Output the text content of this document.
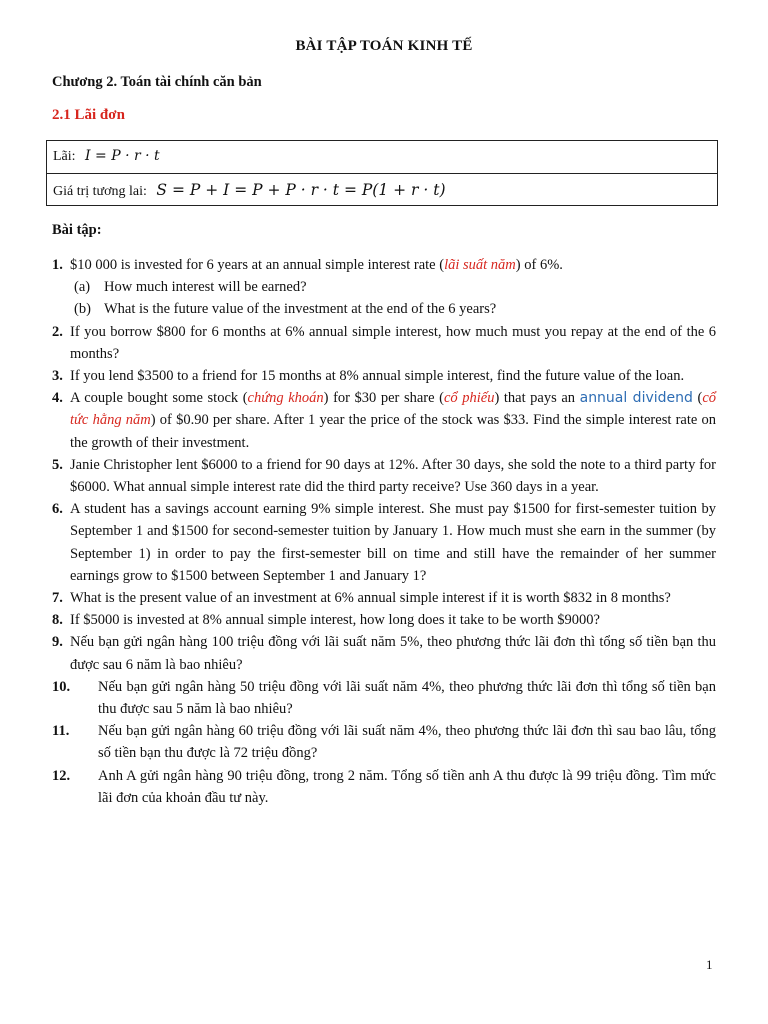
BÀI TẬP TOÁN KINH TẾ
Chương 2. Toán tài chính căn bản
2.1 Lãi đơn
Lãi: I = P · r · t
Giá trị tương lai: S = P + I = P + P · r · t = P(1 + r · t)
Bài tập:
1. $10 000 is invested for 6 years at an annual simple interest rate (lãi suất năm) of 6%.
(a) How much interest will be earned?
(b) What is the future value of the investment at the end of the 6 years?
2. If you borrow $800 for 6 months at 6% annual simple interest, how much must you repay at the end of the 6 months?
3. If you lend $3500 to a friend for 15 months at 8% annual simple interest, find the future value of the loan.
4. A couple bought some stock (chứng khoán) for $30 per share (cổ phiếu) that pays an annual dividend (cổ tức hằng năm) of $0.90 per share. After 1 year the price of the stock was $33. Find the simple interest rate on the growth of their investment.
5. Janie Christopher lent $6000 to a friend for 90 days at 12%. After 30 days, she sold the note to a third party for $6000. What annual simple interest rate did the third party receive? Use 360 days in a year.
6. A student has a savings account earning 9% simple interest. She must pay $1500 for first-semester tuition by September 1 and $1500 for second-semester tuition by January 1. How much must she earn in the summer (by September 1) in order to pay the first-semester bill on time and still have the remainder of her summer earnings grow to $1500 between September 1 and January 1?
7. What is the present value of an investment at 6% annual simple interest if it is worth $832 in 8 months?
8. If $5000 is invested at 8% annual simple interest, how long does it take to be worth $9000?
9. Nếu bạn gửi ngân hàng 100 triệu đồng với lãi suất năm 5%, theo phương thức lãi đơn thì tổng số tiền bạn thu được sau 6 năm là bao nhiêu?
10. Nếu bạn gửi ngân hàng 50 triệu đồng với lãi suất năm 4%, theo phương thức lãi đơn thì tổng số tiền bạn thu được sau 5 năm là bao nhiêu?
11. Nếu bạn gửi ngân hàng 60 triệu đồng với lãi suất năm 4%, theo phương thức lãi đơn thì sau bao lâu, tổng số tiền bạn thu được là 72 triệu đồng?
12. Anh A gửi ngân hàng 90 triệu đồng, trong 2 năm. Tổng số tiền anh A thu được là 99 triệu đồng. Tìm mức lãi đơn của khoản đầu tư này.
1
